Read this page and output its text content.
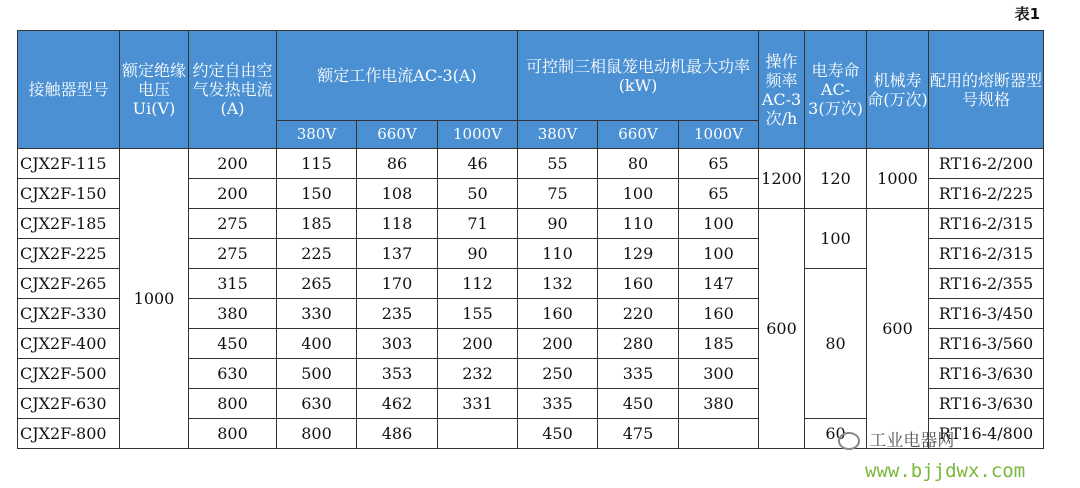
表1
接触器型号	额定绝缘电压Ui(V)	约定自由空气发热电流(A)	额定工作电流AC-3(A)			可控制三相鼠笼电动机最大功率(kW)			操作频率AC-3次/h	电寿命AC-3(万次)	机械寿命(万次)	配用的熔断器型号规格
			380V	660V	1000V	380V	660V	1000V				
CJX2F-115	1000	200	115	86	46	55	80	65	1200	120	1000	RT16-2/200
CJX2F-150		200	150	108	50	75	100	65				RT16-2/225
CJX2F-185		275	185	118	71	90	110	100	600	100	600	RT16-2/315
CJX2F-225		275	225	137	90	110	129	100				RT16-2/315
CJX2F-265		315	265	170	112	132	160	147		80		RT16-2/355
CJX2F-330		380	330	235	155	160	220	160				RT16-3/450
CJX2F-400		450	400	303	200	200	280	185				RT16-3/560
CJX2F-500		630	500	353	232	250	335	300				RT16-3/630
CJX2F-630		800	630	462	331	335	450	380				RT16-3/630
CJX2F-800		800	800	486		450	475			60		RT16-4/800
工业电器网
www.bjjdwx.com
